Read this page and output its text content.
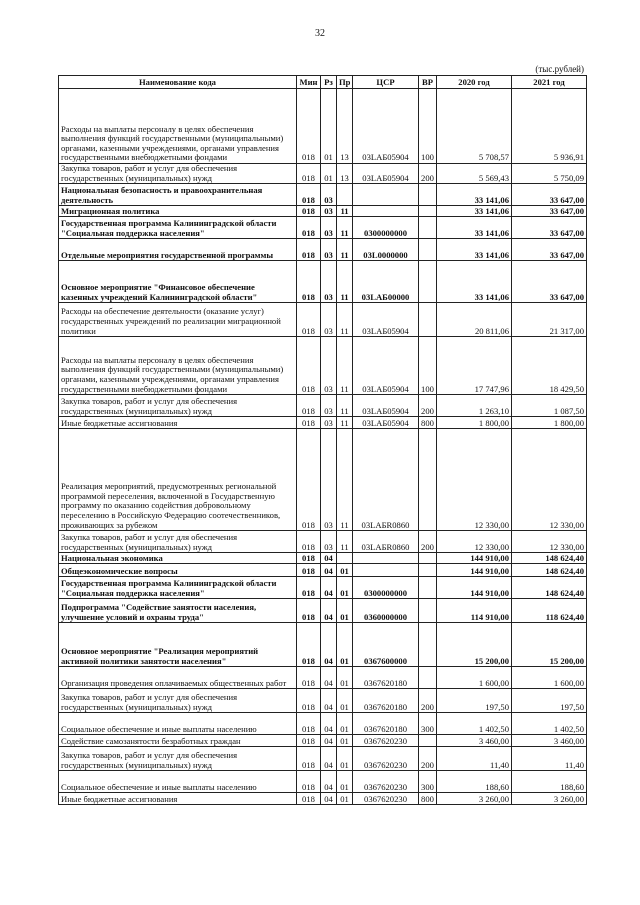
32
(тыс.рублей)
Наименование кода	Мин	Рз	Пр	ЦСР	ВР	2020 год	2021 год
Расходы на выплаты персоналу в целях обеспечения выполнения функций государственными (муниципальными) органами, казенными учреждениями, органами управления государственными внебюджетными фондами	018	01	13	03LАБ05904	100	5 708,57	5 936,91
Закупка товаров, работ и услуг для обеспечения государственных (муниципальных) нужд	018	01	13	03LАБ05904	200	5 569,43	5 750,09
Национальная безопасность и правоохранительная деятельность	018	03				33 141,06	33 647,00
Миграционная политика	018	03	11			33 141,06	33 647,00
Государственная программа Калининградской области "Социальная поддержка населения"	018	03	11	0300000000		33 141,06	33 647,00
Отдельные мероприятия государственной программы	018	03	11	03L0000000		33 141,06	33 647,00
Основное мероприятие "Финансовое обеспечение казенных учреждений Калининградской области"	018	03	11	03LАБ00000		33 141,06	33 647,00
Расходы на обеспечение деятельности (оказание услуг) государственных учреждений по реализации миграционной политики	018	03	11	03LАБ05904		20 811,06	21 317,00
Расходы на выплаты персоналу в целях обеспечения выполнения функций государственными (муниципальными) органами, казенными учреждениями, органами управления государственными внебюджетными фондами	018	03	11	03LАБ05904	100	17 747,96	18 429,50
Закупка товаров, работ и услуг для обеспечения государственных (муниципальных) нужд	018	03	11	03LАБ05904	200	1 263,10	1 087,50
Иные бюджетные ассигнования	018	03	11	03LАБ05904	800	1 800,00	1 800,00
Реализация мероприятий, предусмотренных региональной программой переселения, включенной в Государственную программу по оказанию содействия добровольному переселению в Российскую Федерацию соотечественников, проживающих за рубежом	018	03	11	03LАБR0860		12 330,00	12 330,00
Закупка товаров, работ и услуг для обеспечения государственных (муниципальных) нужд	018	03	11	03LАБR0860	200	12 330,00	12 330,00
Национальная экономика	018	04				144 910,00	148 624,40
Общеэкономические вопросы	018	04	01			144 910,00	148 624,40
Государственная программа Калининградской области "Социальная поддержка населения"	018	04	01	0300000000		144 910,00	148 624,40
Подпрограмма "Содействие занятости населения, улучшение условий и охраны труда"	018	04	01	0360000000		114 910,00	118 624,40
Основное мероприятие "Реализация мероприятий активной политики занятости населения"	018	04	01	0367600000		15 200,00	15 200,00
Организация проведения оплачиваемых общественных работ	018	04	01	0367620180		1 600,00	1 600,00
Закупка товаров, работ и услуг для обеспечения государственных (муниципальных) нужд	018	04	01	0367620180	200	197,50	197,50
Социальное обеспечение и иные выплаты населению	018	04	01	0367620180	300	1 402,50	1 402,50
Содействие самозанятости безработных граждан	018	04	01	0367620230		3 460,00	3 460,00
Закупка товаров, работ и услуг для обеспечения государственных (муниципальных) нужд	018	04	01	0367620230	200	11,40	11,40
Социальное обеспечение и иные выплаты населению	018	04	01	0367620230	300	188,60	188,60
Иные бюджетные ассигнования	018	04	01	0367620230	800	3 260,00	3 260,00
